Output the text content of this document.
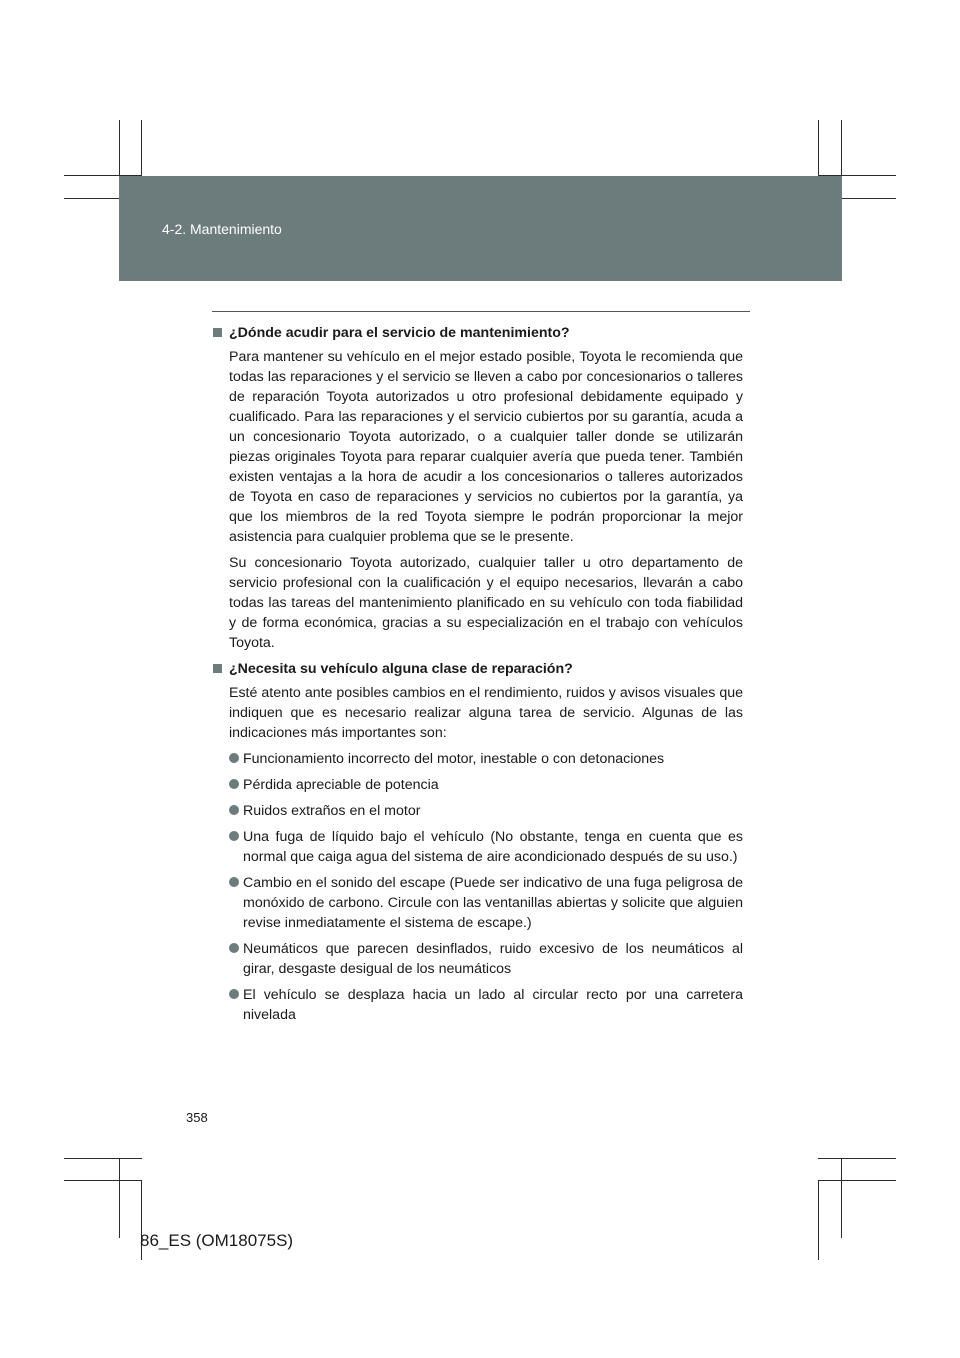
4-2. Mantenimiento
¿Dónde acudir para el servicio de mantenimiento?

Para mantener su vehículo en el mejor estado posible, Toyota le recomienda que todas las reparaciones y el servicio se lleven a cabo por concesionarios o talleres de reparación Toyota autorizados u otro profesional debidamente equipado y cualificado. Para las reparaciones y el servicio cubiertos por su garantía, acuda a un concesionario Toyota autorizado, o a cualquier taller donde se utilizarán piezas originales Toyota para reparar cualquier avería que pueda tener. También existen ventajas a la hora de acudir a los concesionarios o talleres autorizados de Toyota en caso de reparaciones y servicios no cubiertos por la garantía, ya que los miembros de la red Toyota siempre le podrán proporcionar la mejor asistencia para cualquier problema que se le presente.

Su concesionario Toyota autorizado, cualquier taller u otro departamento de servicio profesional con la cualificación y el equipo necesarios, llevarán a cabo todas las tareas del mantenimiento planificado en su vehículo con toda fiabilidad y de forma económica, gracias a su especialización en el trabajo con vehículos Toyota.

¿Necesita su vehículo alguna clase de reparación?

Esté atento ante posibles cambios en el rendimiento, ruidos y avisos visuales que indiquen que es necesario realizar alguna tarea de servicio. Algunas de las indicaciones más importantes son:

Funcionamiento incorrecto del motor, inestable o con detonaciones
Pérdida apreciable de potencia
Ruidos extraños en el motor
Una fuga de líquido bajo el vehículo (No obstante, tenga en cuenta que es normal que caiga agua del sistema de aire acondicionado después de su uso.)
Cambio en el sonido del escape (Puede ser indicativo de una fuga peligrosa de monóxido de carbono. Circule con las ventanillas abiertas y solicite que alguien revise inmediatamente el sistema de escape.)
Neumáticos que parecen desinflados, ruido excesivo de los neumáticos al girar, desgaste desigual de los neumáticos
El vehículo se desplaza hacia un lado al circular recto por una carretera nivelada
358
86_ES (OM18075S)
